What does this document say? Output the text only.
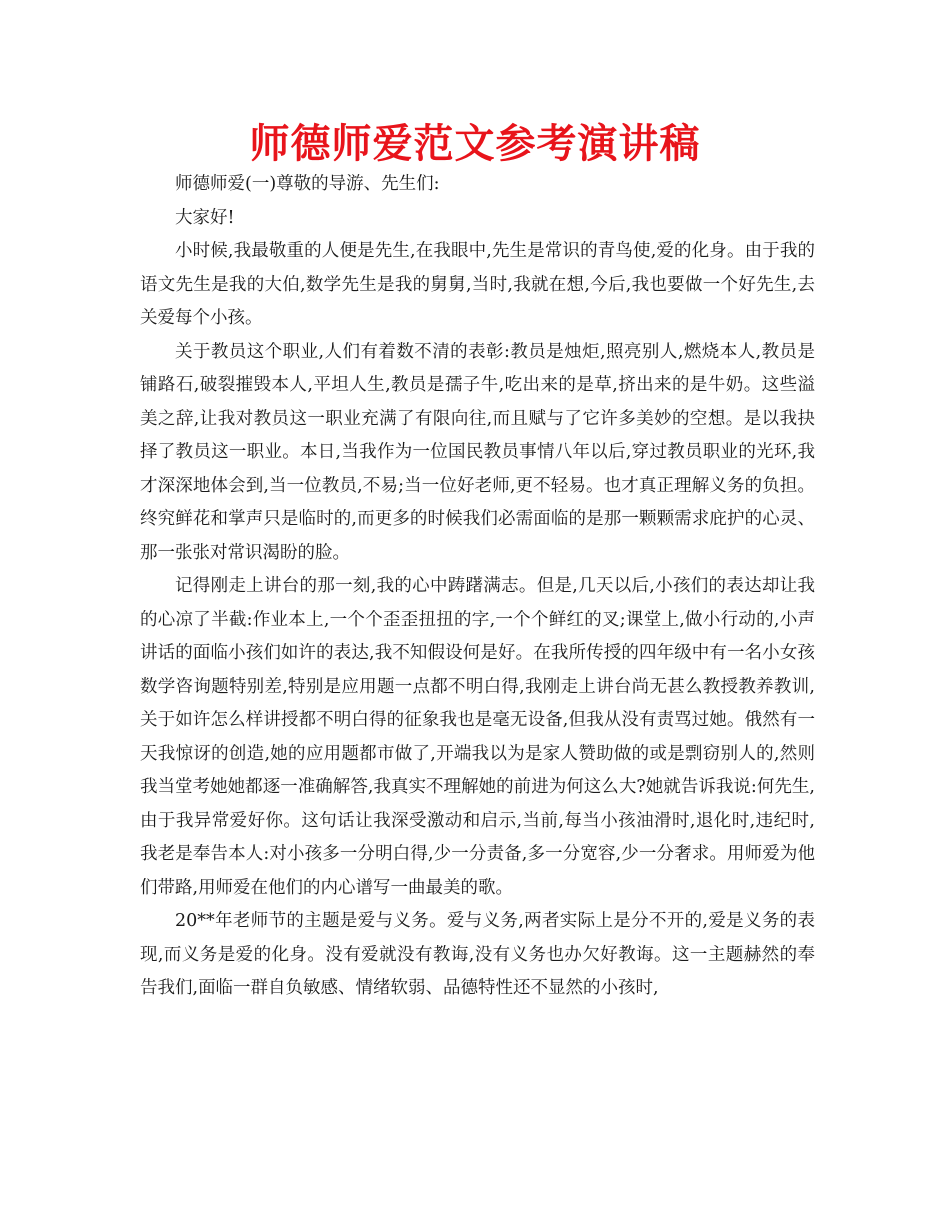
师德师爱范文参考演讲稿

师德师爱(一)尊敬的导游、先生们:

大家好!

小时候,我最敬重的人便是先生,在我眼中,先生是常识的青鸟使,爱的化身。由于我的语文先生是我的大伯,数学先生是我的舅舅,当时,我就在想,今后,我也要做一个好先生,去关爱每个小孩。

关于教员这个职业,人们有着数不清的表彰:教员是烛炬,照亮别人,燃烧本人,教员是铺路石,破裂摧毁本人,平坦人生,教员是孺子牛,吃出来的是草,挤出来的是牛奶。这些溢美之辞,让我对教员这一职业充满了有限向往,而且赋与了它许多美妙的空想。是以我抉择了教员这一职业。本日,当我作为一位国民教员事情八年以后,穿过教员职业的光环,我才深深地体会到,当一位教员,不易;当一位好老师,更不轻易。也才真正理解义务的负担。终究鲜花和掌声只是临时的,而更多的时候我们必需面临的是那一颗颗需求庇护的心灵、那一张张对常识渴盼的脸。

记得刚走上讲台的那一刻,我的心中踌躇满志。但是,几天以后,小孩们的表达却让我的心凉了半截:作业本上,一个个歪歪扭扭的字,一个个鲜红的叉;课堂上,做小行动的,小声讲话的面临小孩们如许的表达,我不知假设何是好。在我所传授的四年级中有一名小女孩数学咨询题特别差,特别是应用题一点都不明白得,我刚走上讲台尚无甚么教授教养教训,关于如许怎么样讲授都不明白得的征象我也是毫无设备,但我从没有责骂过她。俄然有一天我惊讶的创造,她的应用题都市做了,开端我以为是家人赞助做的或是剽窃别人的,然则我当堂考她她都逐一准确解答,我真实不理解她的前进为何这么大?她就告诉我说:何先生,由于我异常爱好你。这句话让我深受激动和启示,当前,每当小孩油滑时,退化时,违纪时,我老是奉告本人:对小孩多一分明白得,少一分责备,多一分宽容,少一分奢求。用师爱为他们带路,用师爱在他们的内心谱写一曲最美的歌。

20**年老师节的主题是爱与义务。爱与义务,两者实际上是分不开的,爱是义务的表现,而义务是爱的化身。没有爱就没有教诲,没有义务也办欠好教诲。这一主题赫然的奉告我们,面临一群自负敏感、情绪软弱、品德特性还不显然的小孩时,
